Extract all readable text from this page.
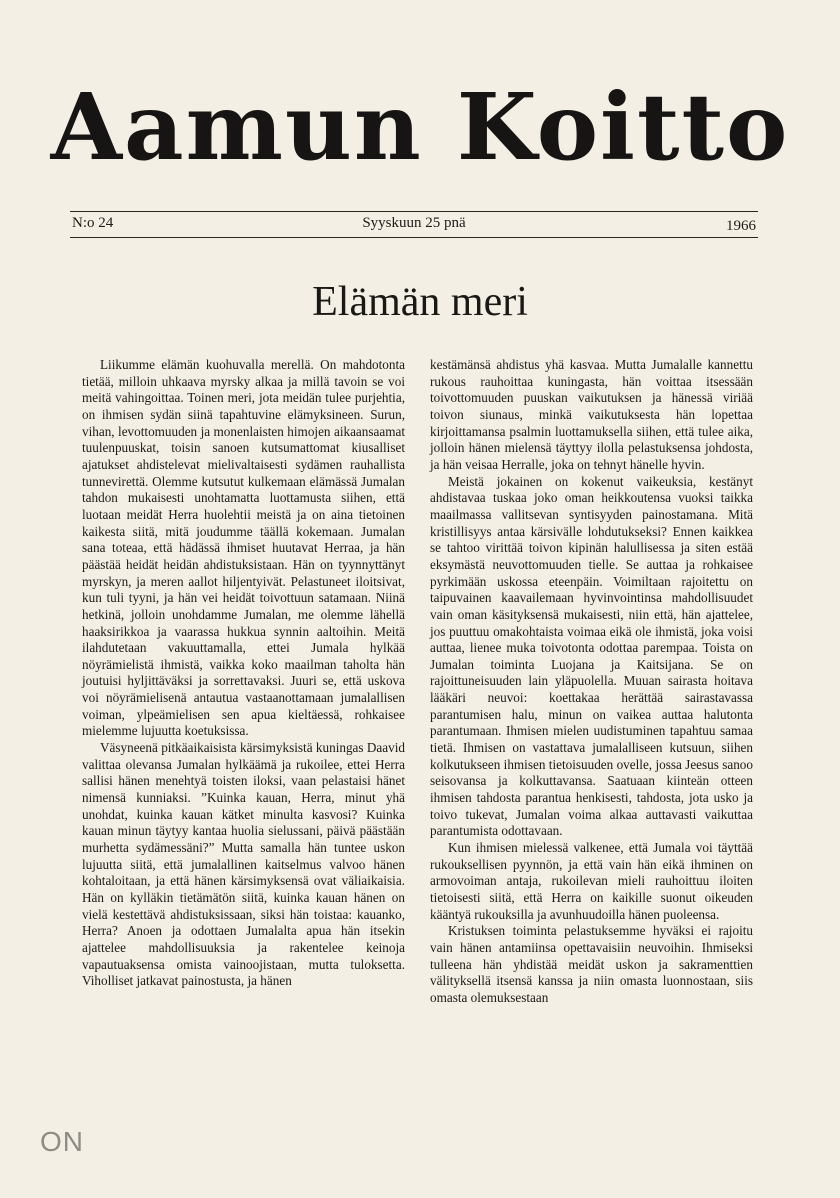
Aamun Koitto
N:o 24	Syyskuun 25 pnä	1966
Elämän meri

Liikumme elämän kuohuvalla merellä. On mahdotonta tietää, milloin uhkaava myrsky alkaa ja millä tavoin se voi meitä vahingoittaa. Toinen meri, jota meidän tulee purjehtia, on ihmisen sydän siinä tapahtuvine elämyksineen. Surun, vihan, levottomuuden ja monenlaisten himojen aikaansaamat tuulenpuuskat, toisin sanoen kutsumattomat kiusalliset ajatukset ahdistelevat mielivaltaisesti sydämen rauhallista tunnevirettä. Olemme kutsutut kulkemaan elämässä Jumalan tahdon mukaisesti unohtamatta luottamusta siihen, että luotaan meidät Herra huolehtii meistä ja on aina tietoinen kaikesta siitä, mitä joudumme täällä kokemaan. Jumalan sana toteaa, että hädässä ihmiset huutavat Herraa, ja hän päästää heidät heidän ahdistuksistaan. Hän on tyynnyttänyt myrskyn, ja meren aallot hiljentyivät. Pelastuneet iloitsivat, kun tuli tyyni, ja hän vei heidät toivottuun satamaan. Niinä hetkinä, jolloin unohdamme Jumalan, me olemme lähellä haaksirikkoa ja vaarassa hukkua synnin aaltoihin. Meitä ilahdutetaan vakuuttamalla, ettei Jumala hylkää nöyrämielistä ihmistä, vaikka koko maailman taholta hän joutuisi hyljittäväksi ja sorrettavaksi. Juuri se, että uskova voi nöyrämielisenä antautua vastaanottamaan jumalallisen voiman, ylpeämielisen sen apua kieltäessä, rohkaisee mielemme lujuutta koetuksissa.

Väsyneenä pitkäaikaisista kärsimyksistä kuningas Daavid valittaa olevansa Jumalan hylkäämä ja rukoilee, ettei Herra sallisi hänen menehtyä toisten iloksi, vaan pelastaisi hänet nimensä kunniaksi. ”Kuinka kauan, Herra, minut yhä unohdat, kuinka kauan kätket minulta kasvosi? Kuinka kauan minun täytyy kantaa huolia sielussani, päivä päästään murhetta sydämessäni?” Mutta samalla hän tuntee uskon lujuutta siitä, että jumalallinen kaitselmus valvoo hänen kohtaloitaan, ja että hänen kärsimyksensä ovat väliaikaisia. Hän on kylläkin tietämätön siitä, kuinka kauan hänen on vielä kestettävä ahdistuksissaan, siksi hän toistaa: kauanko, Herra? Anoen ja odottaen Jumalalta apua hän itsekin ajattelee mahdollisuuksia ja rakentelee keinoja vapautuaksensa omista vainoojistaan, mutta tuloksetta. Viholliset jatkavat painostusta, ja hänen

kestämänsä ahdistus yhä kasvaa. Mutta Jumalalle kannettu rukous rauhoittaa kuningasta, hän voittaa itsessään toivottomuuden puuskan vaikutuksen ja hänessä viriää toivon siunaus, minkä vaikutuksesta hän lopettaa kirjoittamansa psalmin luottamuksella siihen, että tulee aika, jolloin hänen mielensä täyttyy ilolla pelastuksensa johdosta, ja hän veisaa Herralle, joka on tehnyt hänelle hyvin.

Meistä jokainen on kokenut vaikeuksia, kestänyt ahdistavaa tuskaa joko oman heikkoutensa vuoksi taikka maailmassa vallitsevan syntisyyden painostamana. Mitä kristillisyys antaa kärsivälle lohdutukseksi? Ennen kaikkea se tahtoo virittää toivon kipinän halullisessa ja siten estää eksymästä neuvottomuuden tielle. Se auttaa ja rohkaisee pyrkimään uskossa eteenpäin. Voimiltaan rajoitettu on taipuvainen kaavailemaan hyvinvointinsa mahdollisuudet vain oman käsityksensä mukaisesti, niin että, hän ajattelee, jos puuttuu omakohtaista voimaa eikä ole ihmistä, joka voisi auttaa, lienee muka toivotonta odottaa parempaa. Toista on Jumalan toiminta Luojana ja Kaitsijana. Se on rajoittuneisuuden lain yläpuolella. Muuan sairasta hoitava lääkäri neuvoi: koettakaa herättää sairastavassa parantumisen halu, minun on vaikea auttaa halutonta parantumaan. Ihmisen mielen uudistuminen tapahtuu samaa tietä. Ihmisen on vastattava jumalalliseen kutsuun, siihen kolkutukseen ihmisen tietoisuuden ovelle, jossa Jeesus sanoo seisovansa ja kolkuttavansa. Saatuaan kiinteän otteen ihmisen tahdosta parantua henkisesti, tahdosta, jota usko ja toivo tukevat, Jumalan voima alkaa auttavasti vaikuttaa parantumista odottavaan.

Kun ihmisen mielessä valkenee, että Jumala voi täyttää rukouksellisen pyynnön, ja että vain hän eikä ihminen on armovoiman antaja, rukoilevan mieli rauhoittuu iloiten tietoisesti siitä, että Herra on kaikille suonut oikeuden kääntyä rukouksilla ja avunhuudoilla hänen puoleensa.

Kristuksen toiminta pelastuksemme hyväksi ei rajoitu vain hänen antamiinsa opettavaisiin neuvoihin. Ihmiseksi tulleena hän yhdistää meidät uskon ja sakramenttien välityksellä itsensä kanssa ja niin omasta luonnostaan, siis omasta olemuksestaan

ON
